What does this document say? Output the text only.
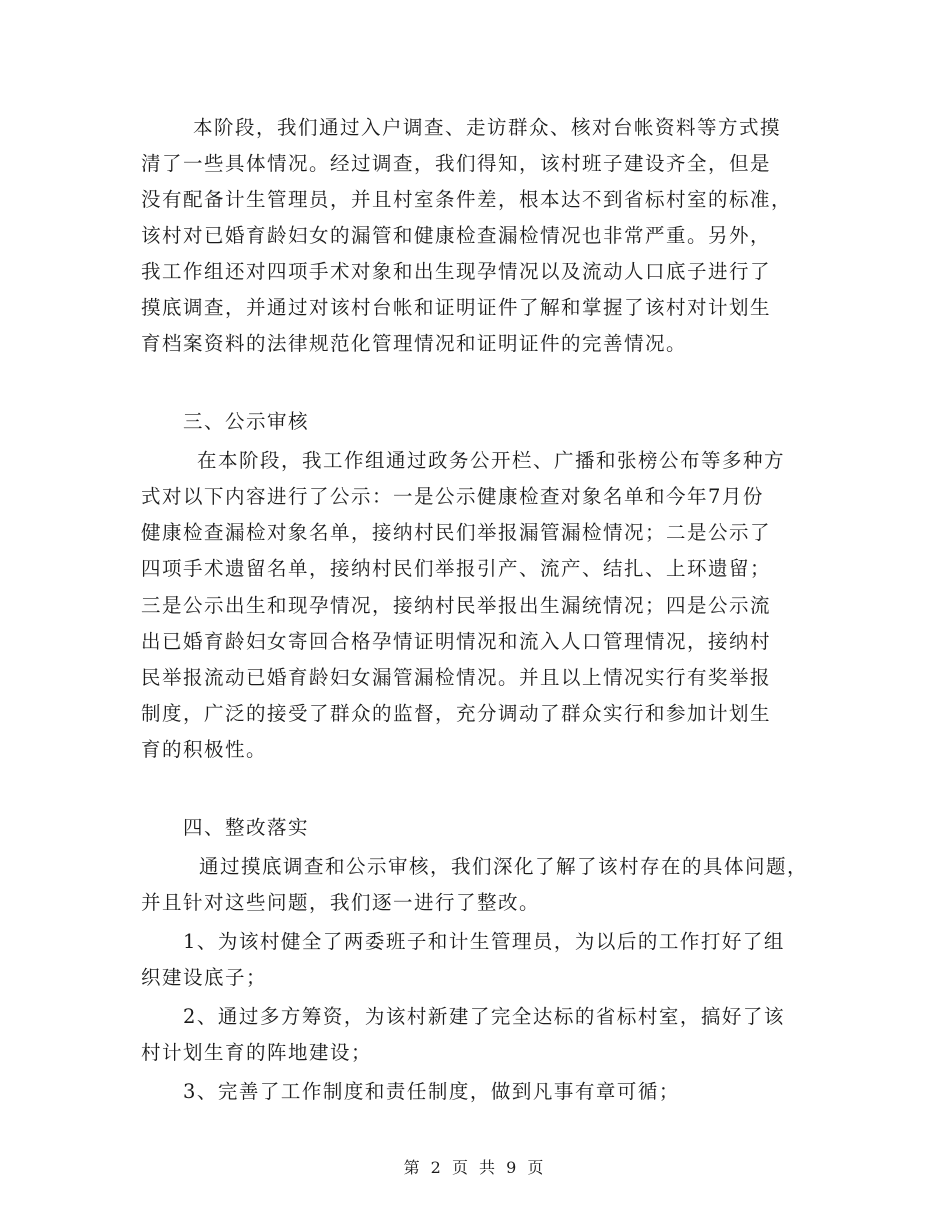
本阶段，我们通过入户调查、走访群众、核对台帐资料等方式摸
清了一些具体情况。经过调查，我们得知，该村班子建设齐全，但是
没有配备计生管理员，并且村室条件差，根本达不到省标村室的标准，
该村对已婚育龄妇女的漏管和健康检查漏检情况也非常严重。另外，
我工作组还对四项手术对象和出生现孕情况以及流动人口底子进行了
摸底调查，并通过对该村台帐和证明证件了解和掌握了该村对计划生
育档案资料的法律规范化管理情况和证明证件的完善情况。
三、公示审核
在本阶段，我工作组通过政务公开栏、广播和张榜公布等多种方
式对以下内容进行了公示：一是公示健康检查对象名单和今年7月份
健康检查漏检对象名单，接纳村民们举报漏管漏检情况；二是公示了
四项手术遗留名单，接纳村民们举报引产、流产、结扎、上环遗留；
三是公示出生和现孕情况，接纳村民举报出生漏统情况；四是公示流
出已婚育龄妇女寄回合格孕情证明情况和流入人口管理情况，接纳村
民举报流动已婚育龄妇女漏管漏检情况。并且以上情况实行有奖举报
制度，广泛的接受了群众的监督，充分调动了群众实行和参加计划生
育的积极性。
四、整改落实
通过摸底调查和公示审核，我们深化了解了该村存在的具体问题，
并且针对这些问题，我们逐一进行了整改。
1、为该村健全了两委班子和计生管理员，为以后的工作打好了组
织建设底子；
2、通过多方筹资，为该村新建了完全达标的省标村室，搞好了该
村计划生育的阵地建设；
3、完善了工作制度和责任制度，做到凡事有章可循；
第 2 页 共 9 页
